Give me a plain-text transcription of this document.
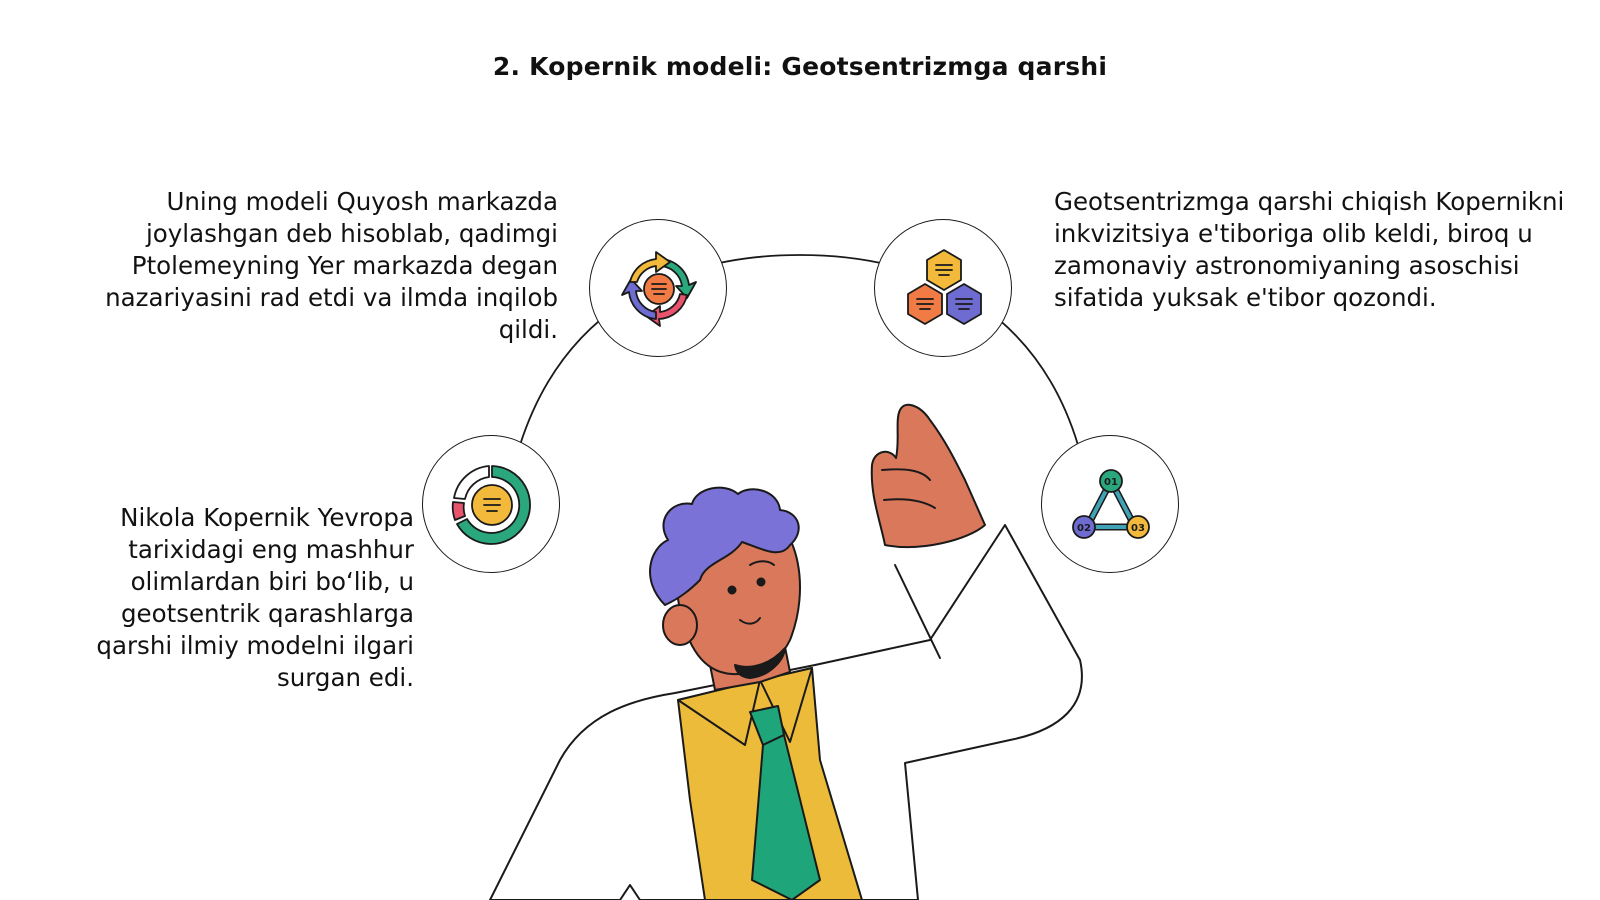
2. Kopernik modeli: Geotsentrizmga qarshi

Uning modeli Quyosh markazda joylashgan deb hisoblab, qadimgi Ptolemeyning Yer markazda degan nazariyasini rad etdi va ilmda inqilob qildi.

Geotsentrizmga qarshi chiqish Kopernikni inkvizitsiya e'tiboriga olib keldi, biroq u zamonaviy astronomiyaning asoschisi sifatida yuksak e'tibor qozondi.

Nikola Kopernik Yevropa tarixidagi eng mashhur olimlardan biri bo‘lib, u geotsentrik qarashlarga qarshi ilmiy modelni ilgari surgan edi.

01
02	03
